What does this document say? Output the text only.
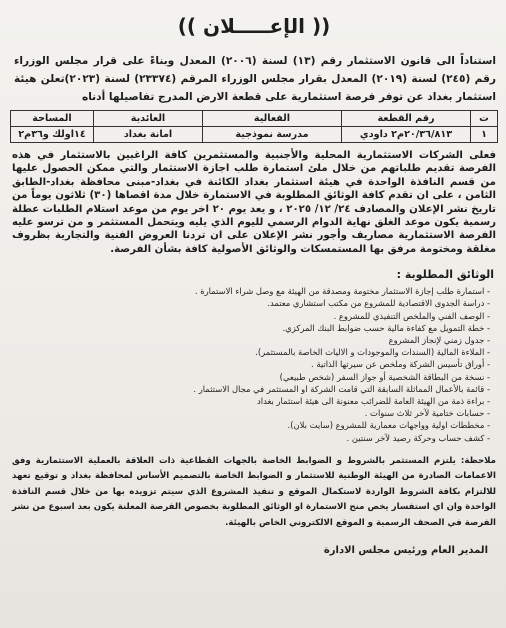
(( الإعـــــلان ))

استناداً الى قانون الاستثمار رقم (١٣) لسنة (٢٠٠٦) المعدل وبناءً على قرار مجلس الوزراء رقم (٢٤٥) لسنة (٢٠١٩) المعدل بقرار مجلس الوزراء المرقم (٢٣٣٧٤) لسنة (٢٠٢٣)تعلن هيئة استثمار بغداد عن توفر فرصة استثمارية على قطعة الارض المدرج تفاصيلها أدناه

ت	رقم القطعة	الفعالية	العائدية	المساحة
١	٢٠/٣٦/٨١٣م٢ داودي	مدرسة نموذجية	امانة بغداد	١٤اولك و٣٦م٢

فعلى الشركات الاستثمارية المحلية والأجنبية والمستثمرين كافة الراغبين بالاستثمار في هذه الفرصة تقديم طلباتهم من خلال ملئ استمارة طلب اجازة الاستثمار والتي ممكن الحصول عليها من قسم النافذة الواحدة في هيئة استثمار بغداد الكائنة في بغداد-مبنى محافظة بغداد-الطابق الثامن ، على ان تقدم كافة الوثائق المطلوبة في الاستمارة خلال مدة اقصاها (٣٠) ثلاثون يوماً من تاريخ نشر الإعلان والمصادف ٢٤/ ١٢/ ٢٠٢٥ ، و يعد يوم ٢٠ اخر يوم من موعد استلام الطلبات عطلة رسمية يكون موعد الغلق نهاية الدوام الرسمي لليوم الذي يليه ويتحمل المستثمر و من ترسو عليه الفرصة الاستثمارية مصاريف وأجور نشر الإعلان على ان تردنا العروض الفنية والتجارية بظروف مغلقة ومختومة مرفق بها المستمسكات والوثائق الأصولية كافة بشأن الفرصة.

الوثائق المطلوبة :
- استمارة طلب إجازة الاستثمار مختومة ومصدقة من الهيئة مع وصل شراء الاستمارة .
- دراسة الجدوى الاقتصادية للمشروع من مكتب استشاري معتمد.
- الوصف الفني والملخص التنفيذي للمشروع .
- خطة التمويل مع كفاءة مالية حسب ضوابط البنك المركزي.
- جدول زمني لإنجاز المشروع
- الملاءة المالية (السندات والموجودات و الاليات الخاصة بالمستثمر).
- أوراق تأسيس الشركة وملخص عن سيرتها الذاتية .
- نسخة من البطاقة الشخصية أو جواز السفر (شخص طبيعي)
- قائمة بالأعمال المماثلة السابقة التي قامت الشركة او المستثمر في مجال الاستثمار .
- براءة ذمة من الهيئة العامة للضرائب معنونة الى هيئة استثمار بغداد
- حسابات ختامية لآخر ثلاث سنوات .
- مخططات اولية وواجهات معمارية للمشروع (سايت بلان).
- كشف حساب وحركة رصيد لآخر سنتين .

ملاحظة: يلتزم المستثمر بالشروط و الضوابط الخاصة بالجهات القطاعية ذات العلاقة بالعملية الاستثمارية وفق الاعمامات الصادرة من الهيئة الوطنية للاستثمار و الضوابط الخاصة بالتصميم الأساس لمحافظة بغداد و توقيع تعهد للالتزام بكافة الشروط الواردة لاستكمال الموقع و تنفيذ المشروع الذي سيتم تزويده بها من خلال قسم النافذة الواحدة وان اي استفسار يخص منح الاستمارة او الوثائق المطلوبة بخصوص الفرصة المعلنة يكون بعد اسبوع من نشر الفرصة في الصحف الرسمية و الموقع الالكتروني الخاص بالهيئة.

المدير العام ورئيس مجلس الادارة
